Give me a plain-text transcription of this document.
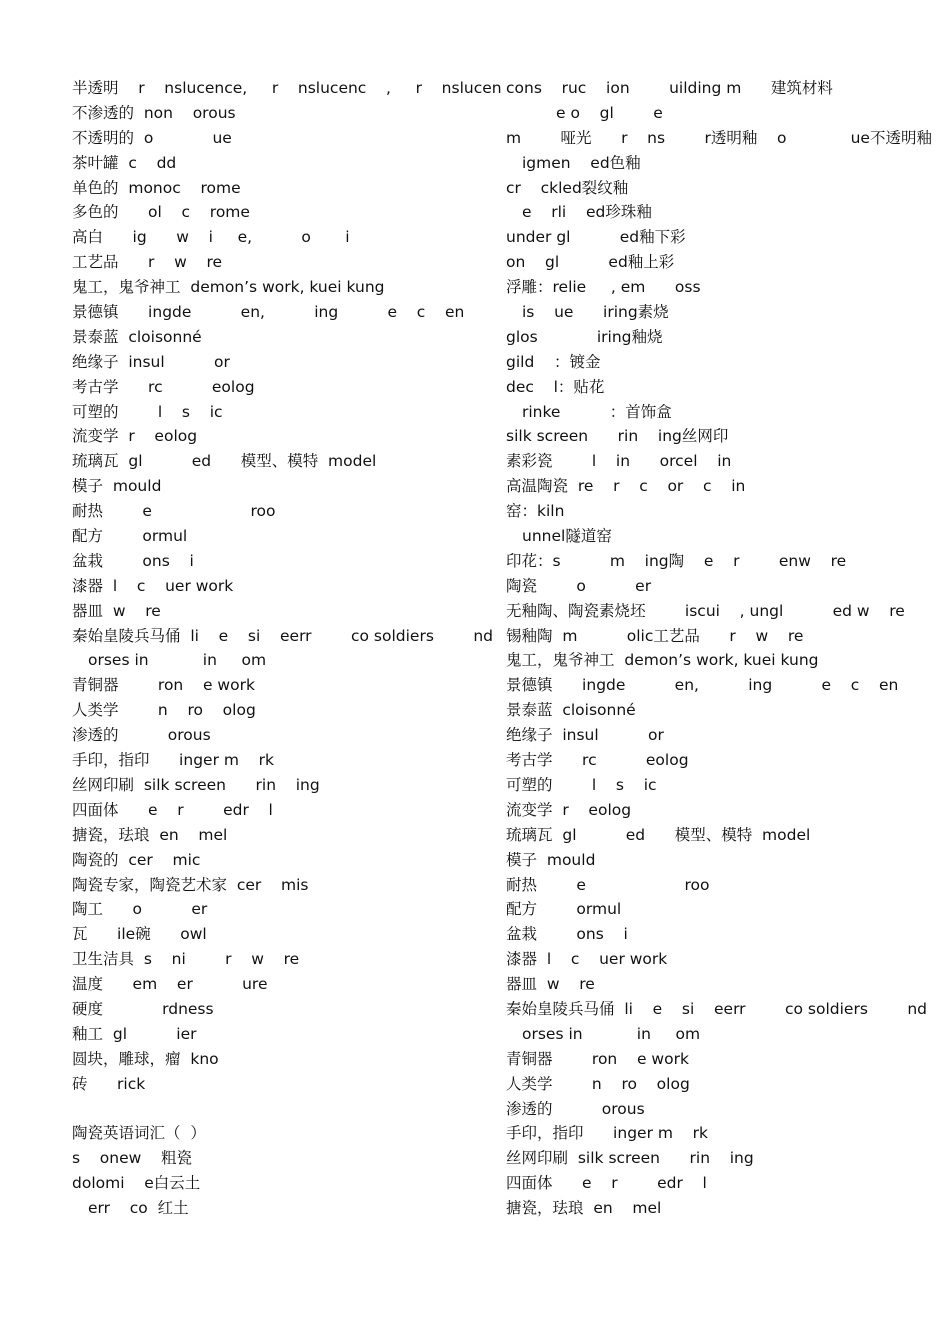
半透明    r    nslucence,     r    nslucenc    ,     r    nslucen
不渗透的  non    orous
不透明的  o            ue
茶叶罐  c    dd
单色的  monoc    rome
多色的      ol    c    rome
高白      ig      w    i     e,          o       i
工艺品      r    w    re
鬼工，鬼爷神工  demon’s work, kuei kung
景德镇      ingde          en,          ing          e    c    en
景泰蓝  cloisonné
绝缘子  insul          or
考古学      rc          eolog
可塑的        l    s    ic
流变学  r    eolog
琉璃瓦  gl          ed      模型、模特  model
模子  mould
耐热        e                    roo
配方        ormul
盆栽        ons    i
漆器  l    c    uer work
器皿  w    re
秦始皇陵兵马俑  li    e    si    eerr        co soldiers        nd
orses in           in     om
青铜器        ron    e work
人类学        n    ro    olog
渗透的          orous
手印，指印      inger m    rk
丝网印刷  silk screen      rin    ing
四面体      e    r        edr    l
搪瓷，珐琅  en    mel
陶瓷的  cer    mic
陶瓷专家，陶瓷艺术家  cer    mis
陶工      o          er
瓦      ile碗      owl
卫生洁具  s    ni        r    w    re
温度      em    er          ure
硬度            rdness
釉工  gl          ier
圆块，雕球，瘤  kno
砖      rick
陶瓷英语词汇（  ）
s    onew    粗瓷
dolomi    e白云土
err    co  红土
cons    ruc    ion        uilding m      建筑材料
e o    gl        e
m        哑光      r    ns        r透明釉    o             ue不透明釉
igmen    ed色釉
cr    ckled裂纹釉
e    rli    ed珍珠釉
under gl          ed釉下彩
on    gl          ed釉上彩
浮雕：relie     , em      oss
is    ue      iring素烧
glos            iring釉烧
gild    ：镀金
dec    l：贴花
rinke          ：首饰盒
silk screen      rin    ing丝网印
素彩瓷        l    in      orcel    in
高温陶瓷  re    r    c    or    c    in
窑：kiln
unnel隧道窑
印花：s          m    ing陶    e    r        enw    re
陶瓷        o          er
无釉陶、陶瓷素烧坯        iscui    , ungl          ed w    re
锡釉陶  m          olic工艺品      r    w    re
鬼工，鬼爷神工  demon’s work, kuei kung
景德镇      ingde          en,          ing          e    c    en
景泰蓝  cloisonné
绝缘子  insul          or
考古学      rc          eolog
可塑的        l    s    ic
流变学  r    eolog
琉璃瓦  gl          ed      模型、模特  model
模子  mould
耐热        e                    roo
配方        ormul
盆栽        ons    i
漆器  l    c    uer work
器皿  w    re
秦始皇陵兵马俑  li    e    si    eerr        co soldiers        nd
orses in           in     om
青铜器        ron    e work
人类学        n    ro    olog
渗透的          orous
手印，指印      inger m    rk
丝网印刷  silk screen      rin    ing
四面体      e    r        edr    l
搪瓷，珐琅  en    mel
